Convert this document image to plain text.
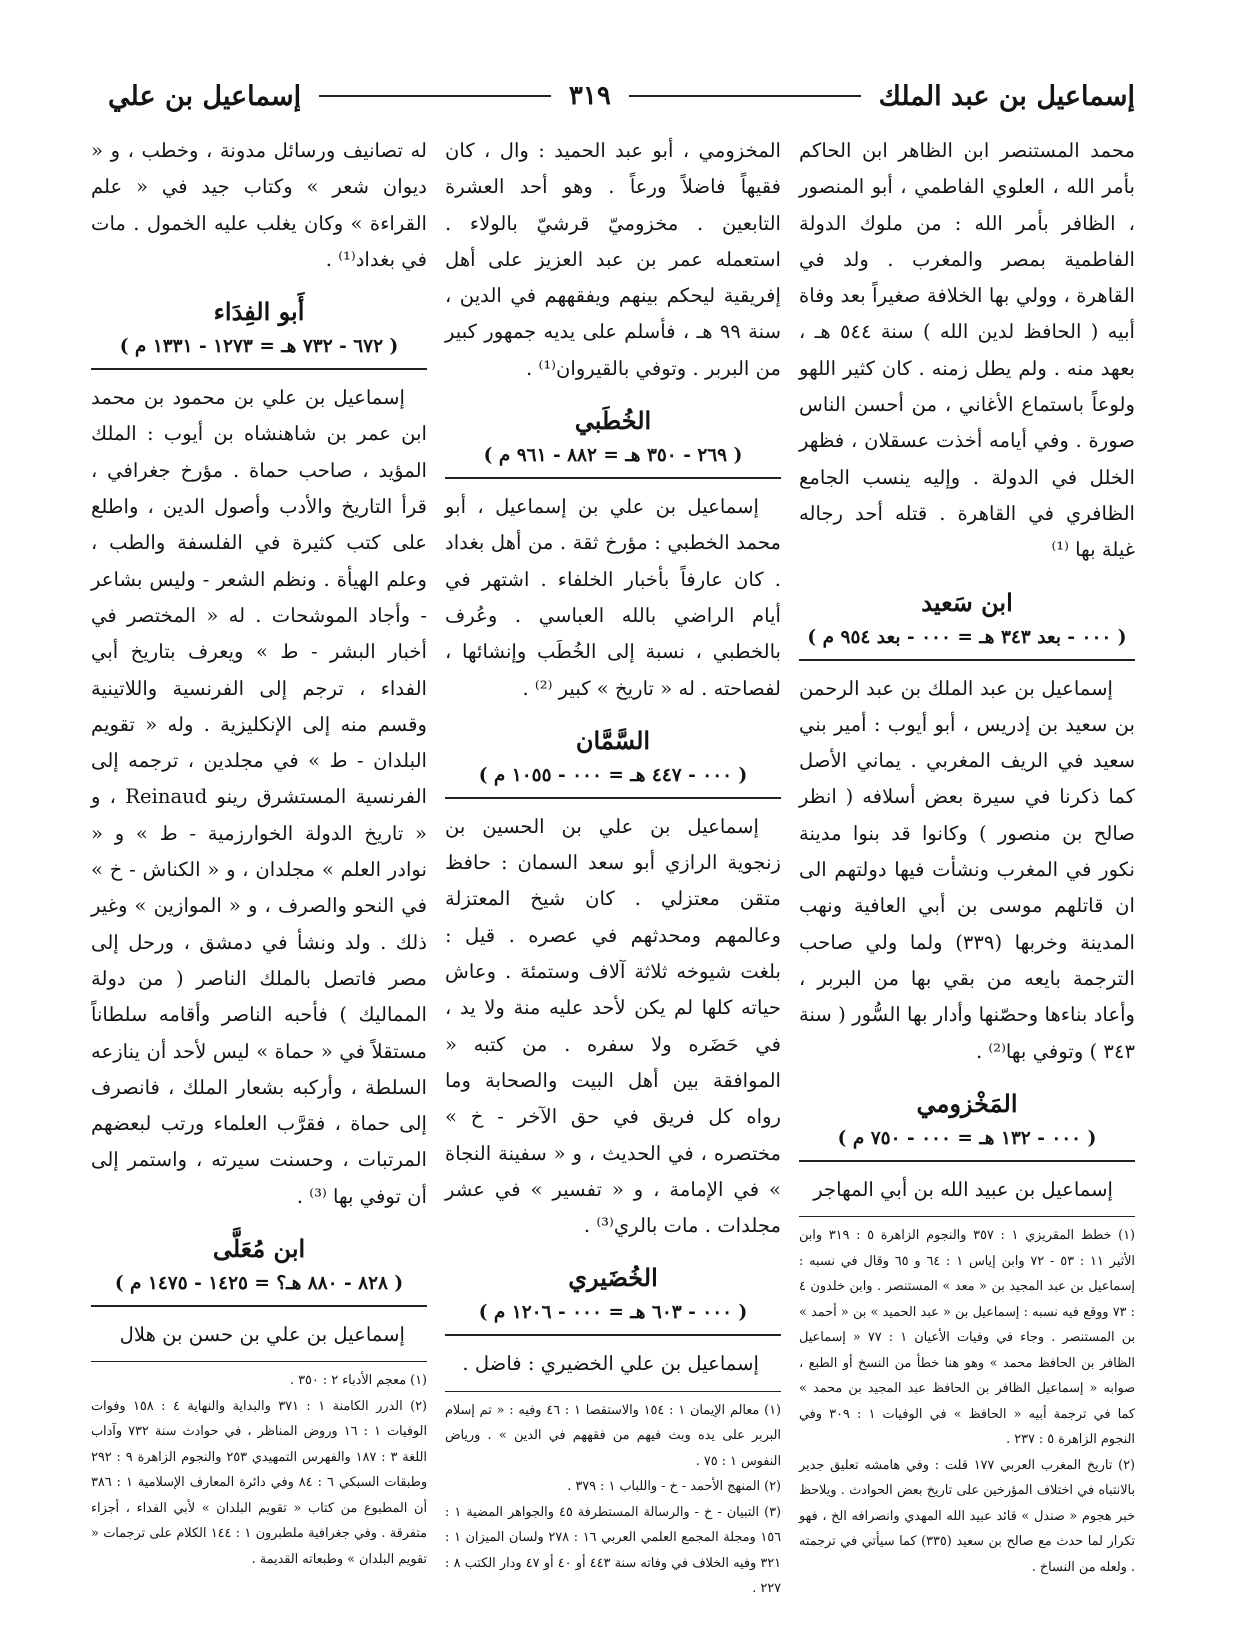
إسماعيل بن عبد الملك
٣١٩
إسماعيل بن علي

محمد المستنصر ابن الظاهر ابن الحاكم بأمر الله ، العلوي الفاطمي ، أبو المنصور ، الظافر بأمر الله : من ملوك الدولة الفاطمية بمصر والمغرب . ولد في القاهرة ، وولي بها الخلافة صغيراً بعد وفاة أبيه ( الحافظ لدين الله ) سنة ٥٤٤ هـ ، بعهد منه . ولم يطل زمنه . كان كثير اللهو ولوعاً باستماع الأغاني ، من أحسن الناس صورة . وفي أيامه أخذت عسقلان ، فظهر الخلل في الدولة . وإليه ينسب الجامع الظافري في القاهرة . قتله أحد رجاله غيلة بها ⁽¹⁾

ابن سَعيد

( ٠٠٠ - بعد ٣٤٣ هـ = ٠٠٠ - بعد ٩٥٤ م )

إسماعيل بن عبد الملك بن عبد الرحمن بن سعيد بن إدريس ، أبو أيوب : أمير بني سعيد في الريف المغربي . يماني الأصل كما ذكرنا في سيرة بعض أسلافه ( انظر صالح بن منصور ) وكانوا قد بنوا مدينة نكور في المغرب ونشأت فيها دولتهم الى ان قاتلهم موسى بن أبي العافية ونهب المدينة وخربها (٣٣٩) ولما ولي صاحب الترجمة بايعه من بقي بها من البربر ، وأعاد بناءها وحصّنها وأدار بها السُّور ( سنة ٣٤٣ ) وتوفي بها⁽²⁾ .

المَخْزومي

( ٠٠٠ - ١٣٢ هـ = ٠٠٠ - ٧٥٠ م )

إسماعيل بن عبيد الله بن أبي المهاجر

(١) خطط المقريزي ١ : ٣٥٧ والنجوم الزاهرة ٥ : ٣١٩ وابن الأثير ١١ : ٥٣ - ٧٢ وابن إياس ١ : ٦٤ و ٦٥ وقال في نسبه : إسماعيل بن عبد المجيد بن « معد » المستنصر . وابن خلدون ٤ : ٧٣ ووقع فيه نسبه : إسماعيل بن « عبد الحميد » بن « أحمد » بن المستنصر . وجاء في وفيات الأعيان ١ : ٧٧ « إسماعيل الظافر بن الحافظ محمد » وهو هنا خطأ من النسخ أو الطبع ، صوابه « إسماعيل الظافر بن الحافظ عبد المجيد بن محمد » كما في ترجمة أبيه « الحافظ » في الوفيات ١ : ٣٠٩ وفي النجوم الزاهرة ٥ : ٢٣٧ .

(٢) تاريخ المغرب العربي ١٧٧ قلت : وفي هامشه تعليق جدير بالانتباه في اختلاف المؤرخين على تاريخ بعض الحوادث . ويلاحظ خبر هجوم « صندل » قائد عبيد الله المهدي وانصرافه الخ ، فهو تكرار لما حدث مع صالح بن سعيد (٣٣٥) كما سيأتي في ترجمته . ولعله من النساخ .

المخزومي ، أبو عبد الحميد : وال ، كان فقيهاً فاضلاً ورعاً . وهو أحد العشرة التابعين . مخزوميّ قرشيّ بالولاء . استعمله عمر بن عبد العزيز على أهل إفريقية ليحكم بينهم ويفقههم في الدين ، سنة ٩٩ هـ ، فأسلم على يديه جمهور كبير من البربر . وتوفي بالقيروان⁽¹⁾ .

الخُطَبي

( ٢٦٩ - ٣٥٠ هـ = ٨٨٢ - ٩٦١ م )

إسماعيل بن علي بن إسماعيل ، أبو محمد الخطبي : مؤرخ ثقة . من أهل بغداد . كان عارفاً بأخبار الخلفاء . اشتهر في أيام الراضي بالله العباسي . وعُرف بالخطبي ، نسبة إلى الخُطَب وإنشائها ، لفصاحته . له « تاريخ » كبير ⁽²⁾ .

السَّمَّان

( ٠٠٠ - ٤٤٧ هـ = ٠٠٠ - ١٠٥٥ م )

إسماعيل بن علي بن الحسين بن زنجوية الرازي أبو سعد السمان : حافظ متقن معتزلي . كان شيخ المعتزلة وعالمهم ومحدثهم في عصره . قيل : بلغت شيوخه ثلاثة آلاف وستمئة . وعاش حياته كلها لم يكن لأحد عليه منة ولا يد ، في حَضَره ولا سفره . من كتبه « الموافقة بين أهل البيت والصحابة وما رواه كل فريق في حق الآخر - خ » مختصره ، في الحديث ، و « سفينة النجاة » في الإمامة ، و « تفسير » في عشر مجلدات . مات بالري⁽³⁾ .

الخُضَيري

( ٠٠٠ - ٦٠٣ هـ = ٠٠٠ - ١٢٠٦ م )

إسماعيل بن علي الخضيري : فاضل .

(١) معالم الإيمان ١ : ١٥٤ والاستقصا ١ : ٤٦ وفيه : « تم إسلام البربر على يده وبث فيهم من فقههم في الدين » . ورياض النفوس ١ : ٧٥ .

(٢) المنهج الأحمد - خ - واللباب ١ : ٣٧٩ .

(٣) التبيان - خ - والرسالة المستطرفة ٤٥ والجواهر المضية ١ : ١٥٦ ومجلة المجمع العلمي العربي ١٦ : ٢٧٨ ولسان الميزان ١ : ٣٢١ وفيه الخلاف في وفاته سنة ٤٤٣ أو ٤٠ أو ٤٧ ودار الكتب ٨ : ٢٢٧ .

له تصانيف ورسائل مدونة ، وخطب ، و « ديوان شعر » وكتاب جيد في « علم القراءة » وكان يغلب عليه الخمول . مات في بغداد⁽¹⁾ .

أَبو الفِدَاء

( ٦٧٢ - ٧٣٢ هـ = ١٢٧٣ - ١٣٣١ م )

إسماعيل بن علي بن محمود بن محمد ابن عمر بن شاهنشاه بن أيوب : الملك المؤيد ، صاحب حماة . مؤرخ جغرافي ، قرأ التاريخ والأدب وأصول الدين ، واطلع على كتب كثيرة في الفلسفة والطب ، وعلم الهيأة . ونظم الشعر - وليس بشاعر - وأجاد الموشحات . له « المختصر في أخبار البشر - ط » ويعرف بتاريخ أبي الفداء ، ترجم إلى الفرنسية واللاتينية وقسم منه إلى الإنكليزية . وله « تقويم البلدان - ط » في مجلدين ، ترجمه إلى الفرنسية المستشرق رينو Reinaud ، و « تاريخ الدولة الخوارزمية - ط » و « نوادر العلم » مجلدان ، و « الكناش - خ » في النحو والصرف ، و « الموازين » وغير ذلك . ولد ونشأ في دمشق ، ورحل إلى مصر فاتصل بالملك الناصر ( من دولة المماليك ) فأحبه الناصر وأقامه سلطاناً مستقلاً في « حماة » ليس لأحد أن ينازعه السلطة ، وأركبه بشعار الملك ، فانصرف إلى حماة ، فقرَّب العلماء ورتب لبعضهم المرتبات ، وحسنت سيرته ، واستمر إلى أن توفي بها ⁽³⁾ .

ابن مُعَلَّى

( ٨٢٨ - ٨٨٠ هـ؟ = ١٤٢٥ - ١٤٧٥ م )

إسماعيل بن علي بن حسن بن هلال

(١) معجم الأدباء ٢ : ٣٥٠ .

(٢) الدرر الكامنة ١ : ٣٧١ والبداية والنهاية ٤ : ١٥٨ وفوات الوفيات ١ : ١٦ وروض المناظر ، في حوادث سنة ٧٣٢ وآداب اللغة ٣ : ١٨٧ والفهرس التمهيدي ٢٥٣ والنجوم الزاهرة ٩ : ٢٩٢ وطبقات السبكي ٦ : ٨٤ وفي دائرة المعارف الإسلامية ١ : ٣٨٦ أن المطبوع من كتاب « تقويم البلدان » لأبي الفداء ، أجزاء متفرقة . وفي جغرافية ملطبرون ١ : ١٤٤ الكلام على ترجمات « تقويم البلدان » وطبعاته القديمة .
